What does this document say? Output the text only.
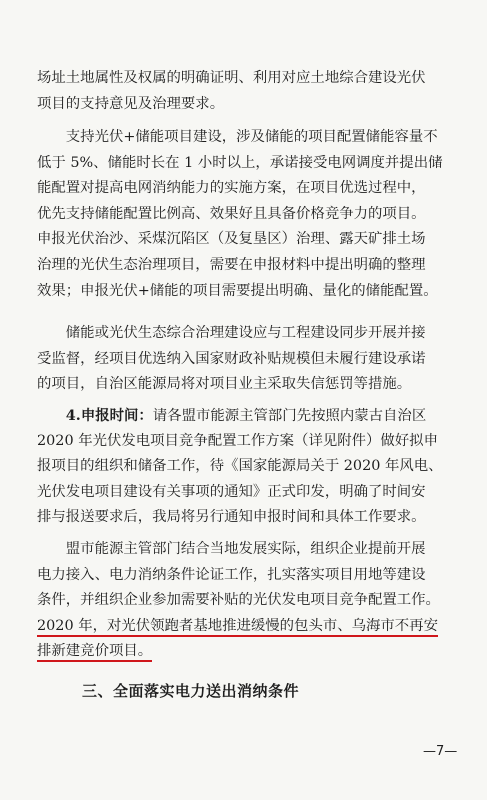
场址土地属性及权属的明确证明、利用对应土地综合建设光伏
项目的支持意见及治理要求。
　　支持光伏+储能项目建设，涉及储能的项目配置储能容量不
低于 5%、储能时长在 1 小时以上，承诺接受电网调度并提出储
能配置对提高电网消纳能力的实施方案，在项目优选过程中，
优先支持储能配置比例高、效果好且具备价格竞争力的项目。
申报光伏治沙、采煤沉陷区（及复垦区）治理、露天矿排土场
治理的光伏生态治理项目，需要在申报材料中提出明确的整理
效果；申报光伏+储能的项目需要提出明确、量化的储能配置。
　　储能或光伏生态综合治理建设应与工程建设同步开展并接
受监督，经项目优选纳入国家财政补贴规模但未履行建设承诺
的项目，自治区能源局将对项目业主采取失信惩罚等措施。
　　4.申报时间：请各盟市能源主管部门先按照内蒙古自治区
2020 年光伏发电项目竞争配置工作方案（详见附件）做好拟申
报项目的组织和储备工作，待《国家能源局关于 2020 年风电、
光伏发电项目建设有关事项的通知》正式印发，明确了时间安
排与报送要求后，我局将另行通知申报时间和具体工作要求。
　　盟市能源主管部门结合当地发展实际，组织企业提前开展
电力接入、电力消纳条件论证工作，扎实落实项目用地等建设
条件，并组织企业参加需要补贴的光伏发电项目竞争配置工作。
2020 年，对光伏领跑者基地推进缓慢的包头市、乌海市不再安
排新建竞价项目。
三、全面落实电力送出消纳条件
—7—
